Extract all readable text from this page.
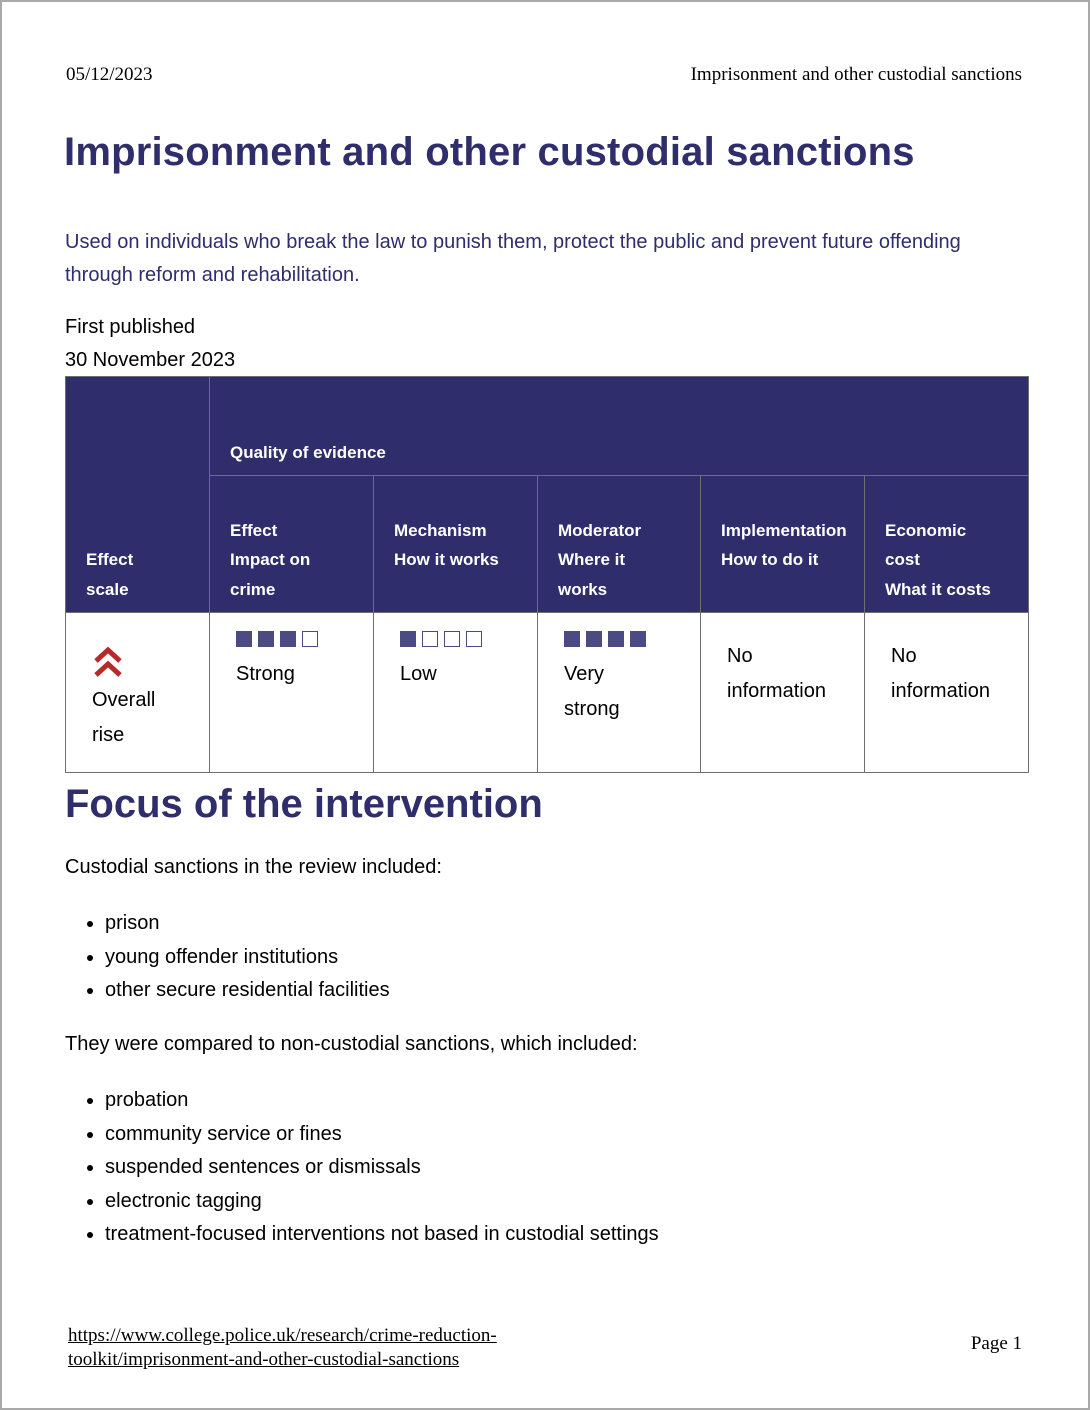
05/12/2023	Imprisonment and other custodial sanctions
Imprisonment and other custodial sanctions

Used on individuals who break the law to punish them, protect the public and prevent future offending through reform and rehabilitation.

First published
30 November 2023
Effect
scale	Quality of evidence				

	Effect
Impact on
crime	Mechanism
How it works	Moderator
Where it
works	Implementation
How to do it	Economic
cost
What it costs

Overall
rise	Strong	Low	Very
strong	No
information	No
information
Focus of the intervention

Custodial sanctions in the review included:

• prison
• young offender institutions
• other secure residential facilities

They were compared to non-custodial sanctions, which included:

• probation
• community service or fines
• suspended sentences or dismissals
• electronic tagging
• treatment-focused interventions not based in custodial settings
https://www.college.police.uk/research/crime-reduction-
toolkit/imprisonment-and-other-custodial-sanctions
Page 1
